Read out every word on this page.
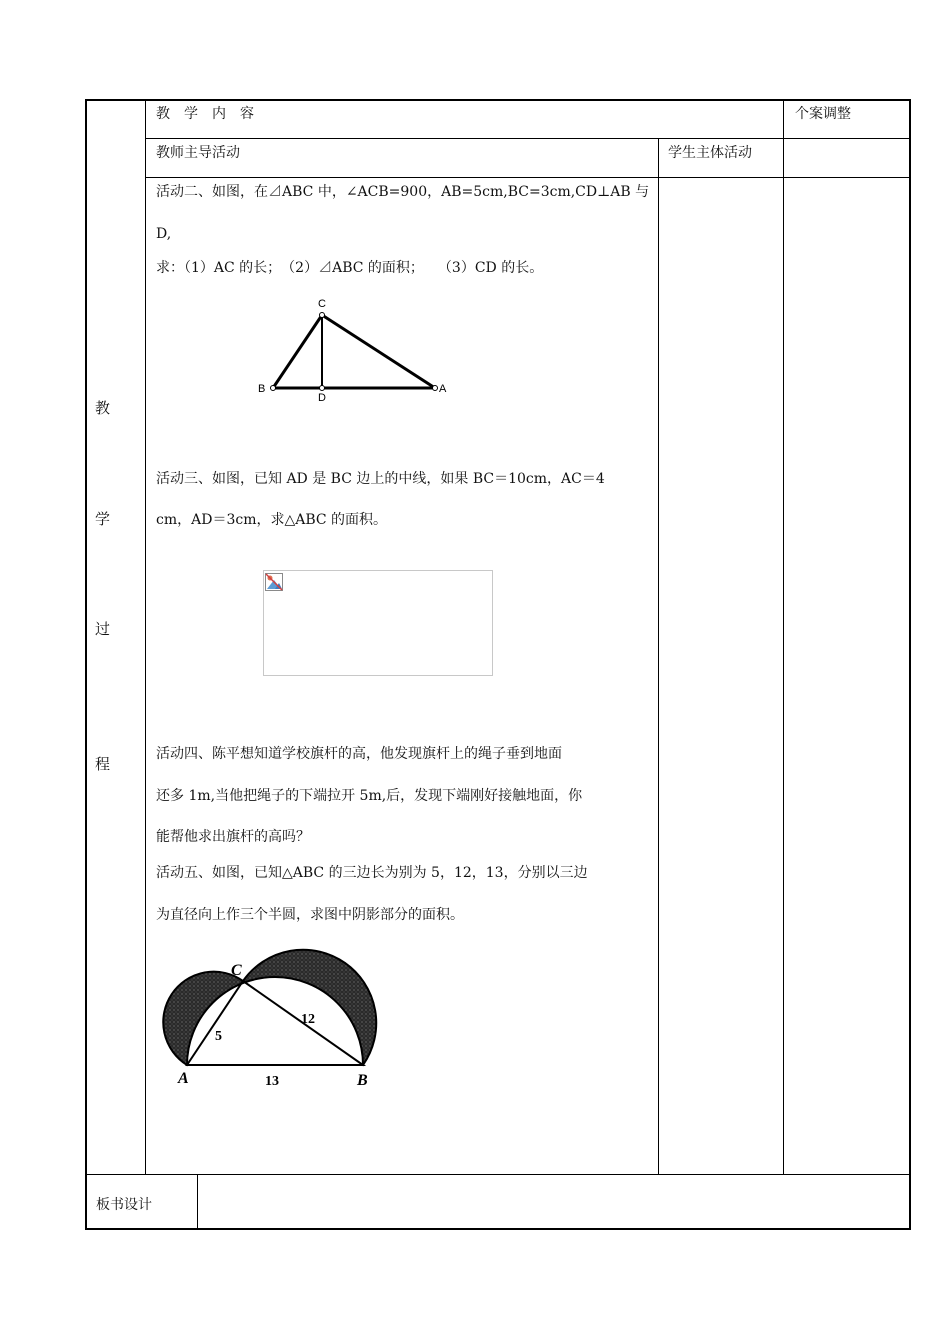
教　学　内　容	个案调整
教师主导活动	学生主体活动
教
学
过
程
活动二、如图，在⊿ABC 中，∠ACB=900，AB=5cm,BC=3cm,CD⊥AB 与
D,
求：（1）AC 的长；　（2）⊿ABC 的面积；　　（3）CD 的长。
C
B
D
A
活动三、如图，已知 AD 是 BC 边上的中线，如果 BC＝10cm，AC＝4
cm，AD＝3cm，求△ABC 的面积。
活动四、陈平想知道学校旗杆的高，他发现旗杆上的绳子垂到地面
还多 1m,当他把绳子的下端拉开 5m,后，发现下端刚好接触地面，你
能帮他求出旗杆的高吗？
活动五、如图，已知△ABC 的三边长为别为 5，12，13，分别以三边
为直径向上作三个半圆，求图中阴影部分的面积。
C
A	B
5
12
13
板书设计
